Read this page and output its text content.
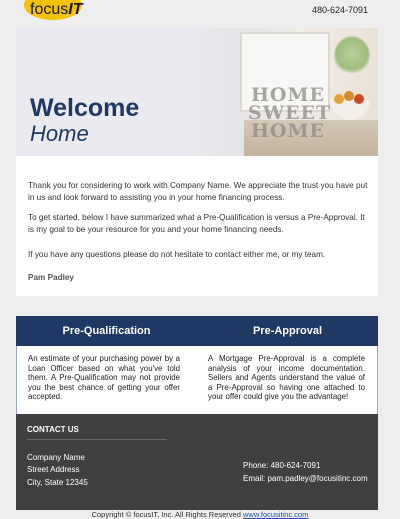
focusIT	480-624-7091
HOME
SWEET
HOME
Welcome
Home

Thank you for considering to work with Company Name. We appreciate the trust you have put in us and look forward to assisting you in your home financing process.

To get started, below I have summarized what a Pre-Qualification is versus a Pre-Approval. It is my goal to be your resource for you and your home financing needs.

If you have any questions please do not hesitate to contact either me, or my team.

Pam Padley
Pre-Qualification	Pre-Approval

An estimate of your purchasing power by a Loan Officer based on what you've told them. A Pre-Qualification may not provide you the best chance of getting your offer accepted.

A Mortgage Pre-Approval is a complete analysis of your income documentation. Sellers and Agents understand the value of a Pre-Approval so having one attached to your offer could give you the advantage!

CONTACT US
Company Name
Street Address
City, State 12345
Phone: 480-624-7091
Email: pam.padley@focusitinc.com
Copyright © focusIT, Inc. All Rights Reserved www.focusitinc.com
